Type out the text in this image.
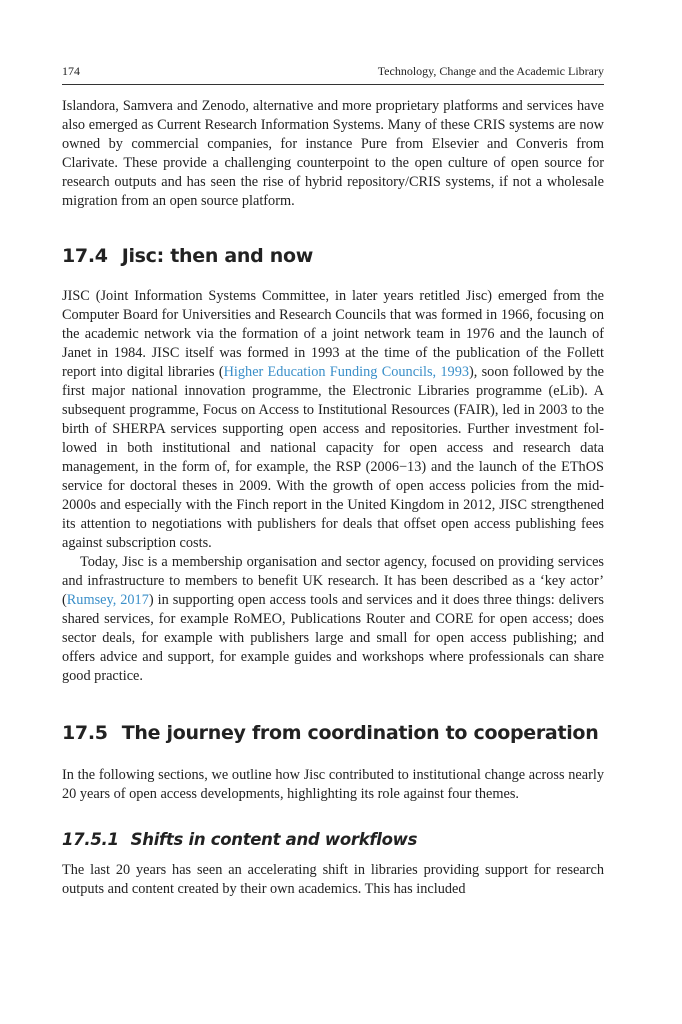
174	Technology, Change and the Academic Library

Islandora, Samvera and Zenodo, alternative and more proprietary platforms and services have also emerged as Current Research Information Systems. Many of these CRIS systems are now owned by commercial companies, for instance Pure from Elsevier and Converis from Clarivate. These provide a challenging counterpoint to the open culture of open source for research outputs and has seen the rise of hybrid repository/CRIS systems, if not a wholesale migration from an open source platform.

17.4 Jisc: then and now

JISC (Joint Information Systems Committee, in later years retitled Jisc) emerged from the Computer Board for Universities and Research Councils that was formed in 1966, focusing on the academic network via the formation of a joint network team in 1976 and the launch of Janet in 1984. JISC itself was formed in 1993 at the time of the publication of the Follett report into digital libraries (Higher Education Funding Councils, 1993), soon followed by the first major national innovation programme, the Electronic Libraries programme (eLib). A subsequent programme, Focus on Access to Institutional Resources (FAIR), led in 2003 to the birth of SHERPA services supporting open access and repositories. Further investment followed in both institutional and national capacity for open access and research data management, in the form of, for example, the RSP (2006−13) and the launch of the EThOS service for doctoral theses in 2009. With the growth of open access policies from the mid-2000s and especially with the Finch report in the United Kingdom in 2012, JISC strengthened its attention to negotiations with publishers for deals that offset open access publishing fees against subscription costs.

Today, Jisc is a membership organisation and sector agency, focused on providing services and infrastructure to members to benefit UK research. It has been described as a ‘key actor’ (Rumsey, 2017) in supporting open access tools and services and it does three things: delivers shared services, for example RoMEO, Publications Router and CORE for open access; does sector deals, for example with publishers large and small for open access publishing; and offers advice and support, for example guides and workshops where professionals can share good practice.

17.5 The journey from coordination to cooperation

In the following sections, we outline how Jisc contributed to institutional change across nearly 20 years of open access developments, highlighting its role against four themes.

17.5.1 Shifts in content and workflows

The last 20 years has seen an accelerating shift in libraries providing support for research outputs and content created by their own academics. This has included
